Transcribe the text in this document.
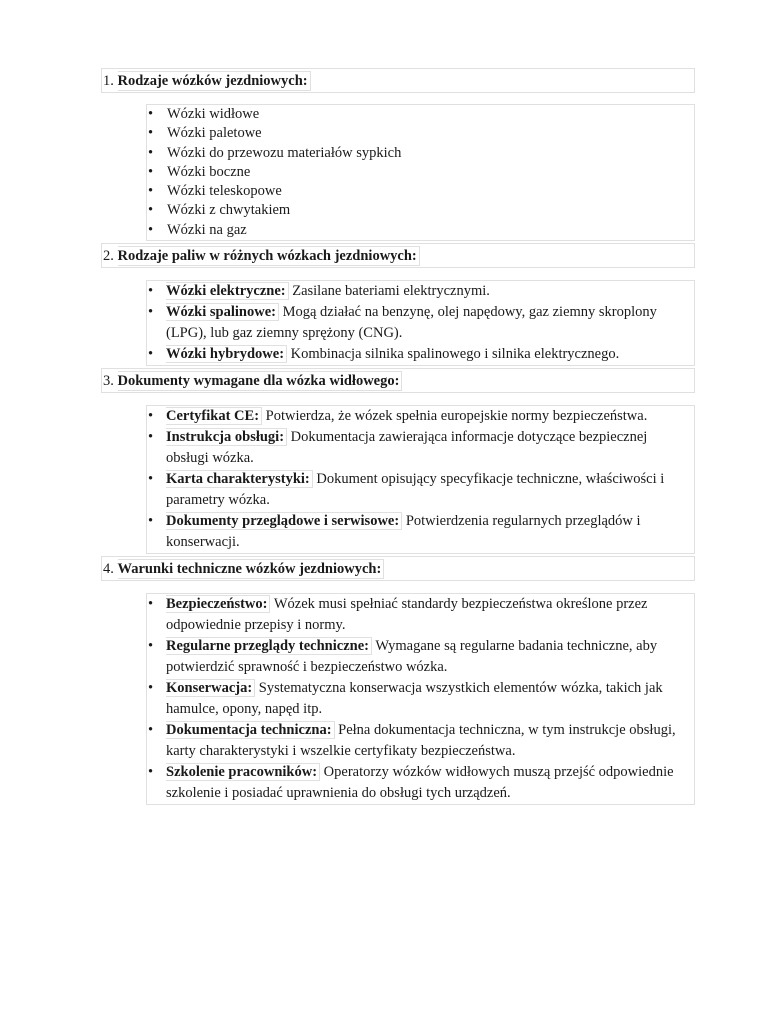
1. Rodzaje wózków jezdniowych:
• Wózki widłowe
• Wózki paletowe
• Wózki do przewozu materiałów sypkich
• Wózki boczne
• Wózki teleskopowe
• Wózki z chwytakiem
• Wózki na gaz
2. Rodzaje paliw w różnych wózkach jezdniowych:
• Wózki elektryczne: Zasilane bateriami elektrycznymi.
• Wózki spalinowe: Mogą działać na benzynę, olej napędowy, gaz ziemny skroplony (LPG), lub gaz ziemny sprężony (CNG).
• Wózki hybrydowe: Kombinacja silnika spalinowego i silnika elektrycznego.
3. Dokumenty wymagane dla wózka widłowego:
• Certyfikat CE: Potwierdza, że wózek spełnia europejskie normy bezpieczeństwa.
• Instrukcja obsługi: Dokumentacja zawierająca informacje dotyczące bezpiecznej obsługi wózka.
• Karta charakterystyki: Dokument opisujący specyfikacje techniczne, właściwości i parametry wózka.
• Dokumenty przeglądowe i serwisowe: Potwierdzenia regularnych przeglądów i konserwacji.
4. Warunki techniczne wózków jezdniowych:
• Bezpieczeństwo: Wózek musi spełniać standardy bezpieczeństwa określone przez odpowiednie przepisy i normy.
• Regularne przeglądy techniczne: Wymagane są regularne badania techniczne, aby potwierdzić sprawność i bezpieczeństwo wózka.
• Konserwacja: Systematyczna konserwacja wszystkich elementów wózka, takich jak hamulce, opony, napęd itp.
• Dokumentacja techniczna: Pełna dokumentacja techniczna, w tym instrukcje obsługi, karty charakterystyki i wszelkie certyfikaty bezpieczeństwa.
• Szkolenie pracowników: Operatorzy wózków widłowych muszą przejść odpowiednie szkolenie i posiadać uprawnienia do obsługi tych urządzeń.
